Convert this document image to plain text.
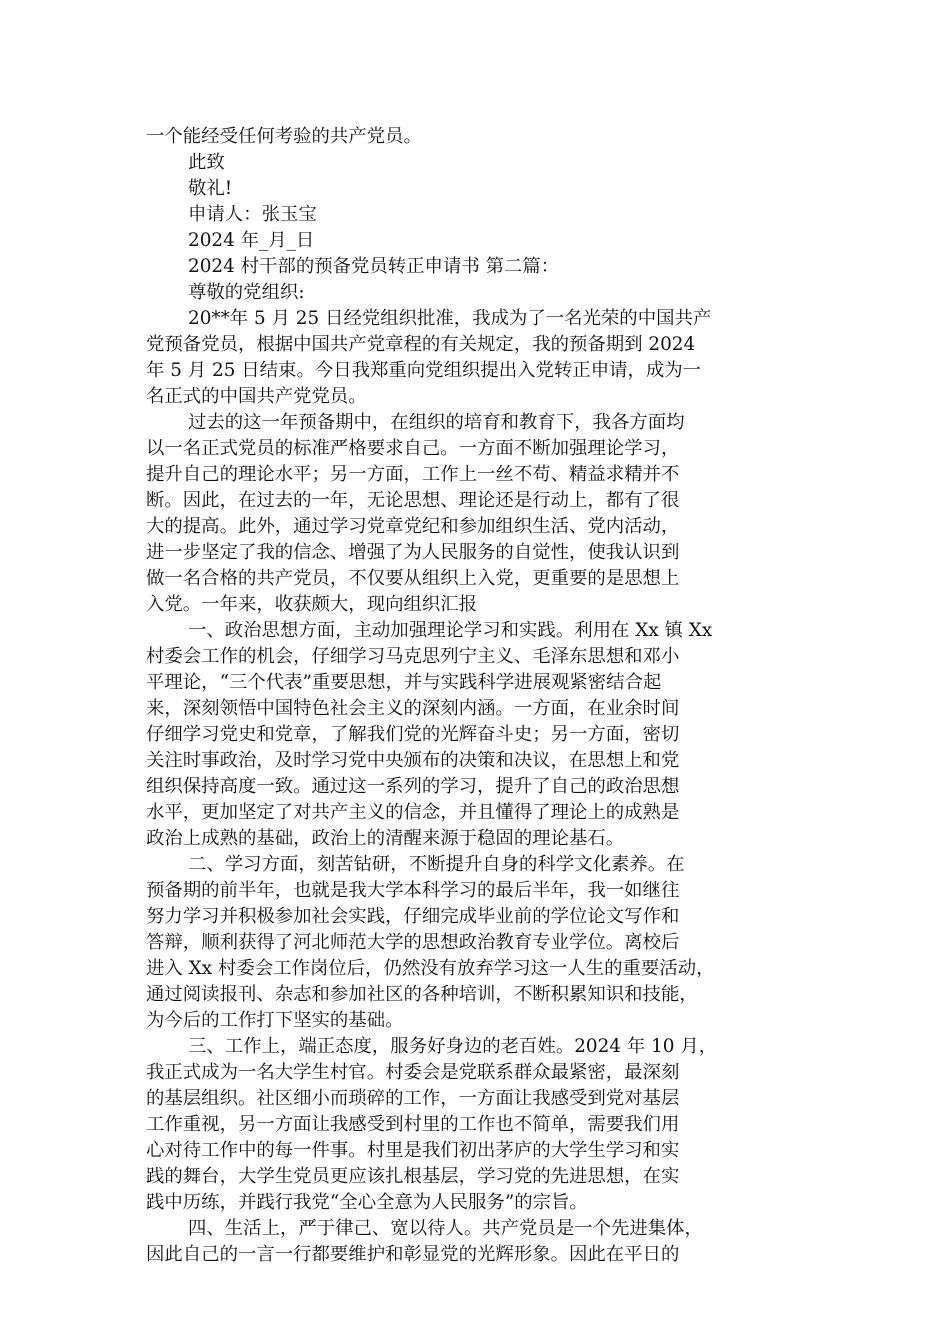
一个能经受任何考验的共产党员。
此致
敬礼!
申请人：张玉宝
2024 年_月_日
2024 村干部的预备党员转正申请书 第二篇：
尊敬的党组织:
20**年 5 月 25 日经党组织批准，我成为了一名光荣的中国共产
党预备党员，根据中国共产党章程的有关规定，我的预备期到 2024
年 5 月 25 日结束。今日我郑重向党组织提出入党转正申请，成为一
名正式的中国共产党党员。
过去的这一年预备期中，在组织的培育和教育下，我各方面均
以一名正式党员的标准严格要求自己。一方面不断加强理论学习，
提升自己的理论水平；另一方面，工作上一丝不苟、精益求精并不
断。因此，在过去的一年，无论思想、理论还是行动上，都有了很
大的提高。此外，通过学习党章党纪和参加组织生活、党内活动，
进一步坚定了我的信念、增强了为人民服务的自觉性，使我认识到
做一名合格的共产党员，不仅要从组织上入党，更重要的是思想上
入党。一年来，收获颇大，现向组织汇报
一、政治思想方面，主动加强理论学习和实践。利用在 Xx 镇 Xx
村委会工作的机会，仔细学习马克思列宁主义、毛泽东思想和邓小
平理论，“三个代表”重要思想，并与实践科学进展观紧密结合起
来，深刻领悟中国特色社会主义的深刻内涵。一方面，在业余时间
仔细学习党史和党章，了解我们党的光辉奋斗史；另一方面，密切
关注时事政治，及时学习党中央颁布的决策和决议，在思想上和党
组织保持高度一致。通过这一系列的学习，提升了自己的政治思想
水平，更加坚定了对共产主义的信念，并且懂得了理论上的成熟是
政治上成熟的基础，政治上的清醒来源于稳固的理论基石。
二、学习方面，刻苦钻研，不断提升自身的科学文化素养。在
预备期的前半年，也就是我大学本科学习的最后半年，我一如继往
努力学习并积极参加社会实践，仔细完成毕业前的学位论文写作和
答辩，顺利获得了河北师范大学的思想政治教育专业学位。离校后
进入 Xx 村委会工作岗位后，仍然没有放弃学习这一人生的重要活动，
通过阅读报刊、杂志和参加社区的各种培训，不断积累知识和技能，
为今后的工作打下坚实的基础。
三、工作上，端正态度，服务好身边的老百姓。2024 年 10 月，
我正式成为一名大学生村官。村委会是党联系群众最紧密，最深刻
的基层组织。社区细小而琐碎的工作，一方面让我感受到党对基层
工作重视，另一方面让我感受到村里的工作也不简单，需要我们用
心对待工作中的每一件事。村里是我们初出茅庐的大学生学习和实
践的舞台，大学生党员更应该扎根基层，学习党的先进思想，在实
践中历练，并践行我党“全心全意为人民服务”的宗旨。
四、生活上，严于律己、宽以待人。共产党员是一个先进集体，
因此自己的一言一行都要维护和彰显党的光辉形象。因此在平日的
